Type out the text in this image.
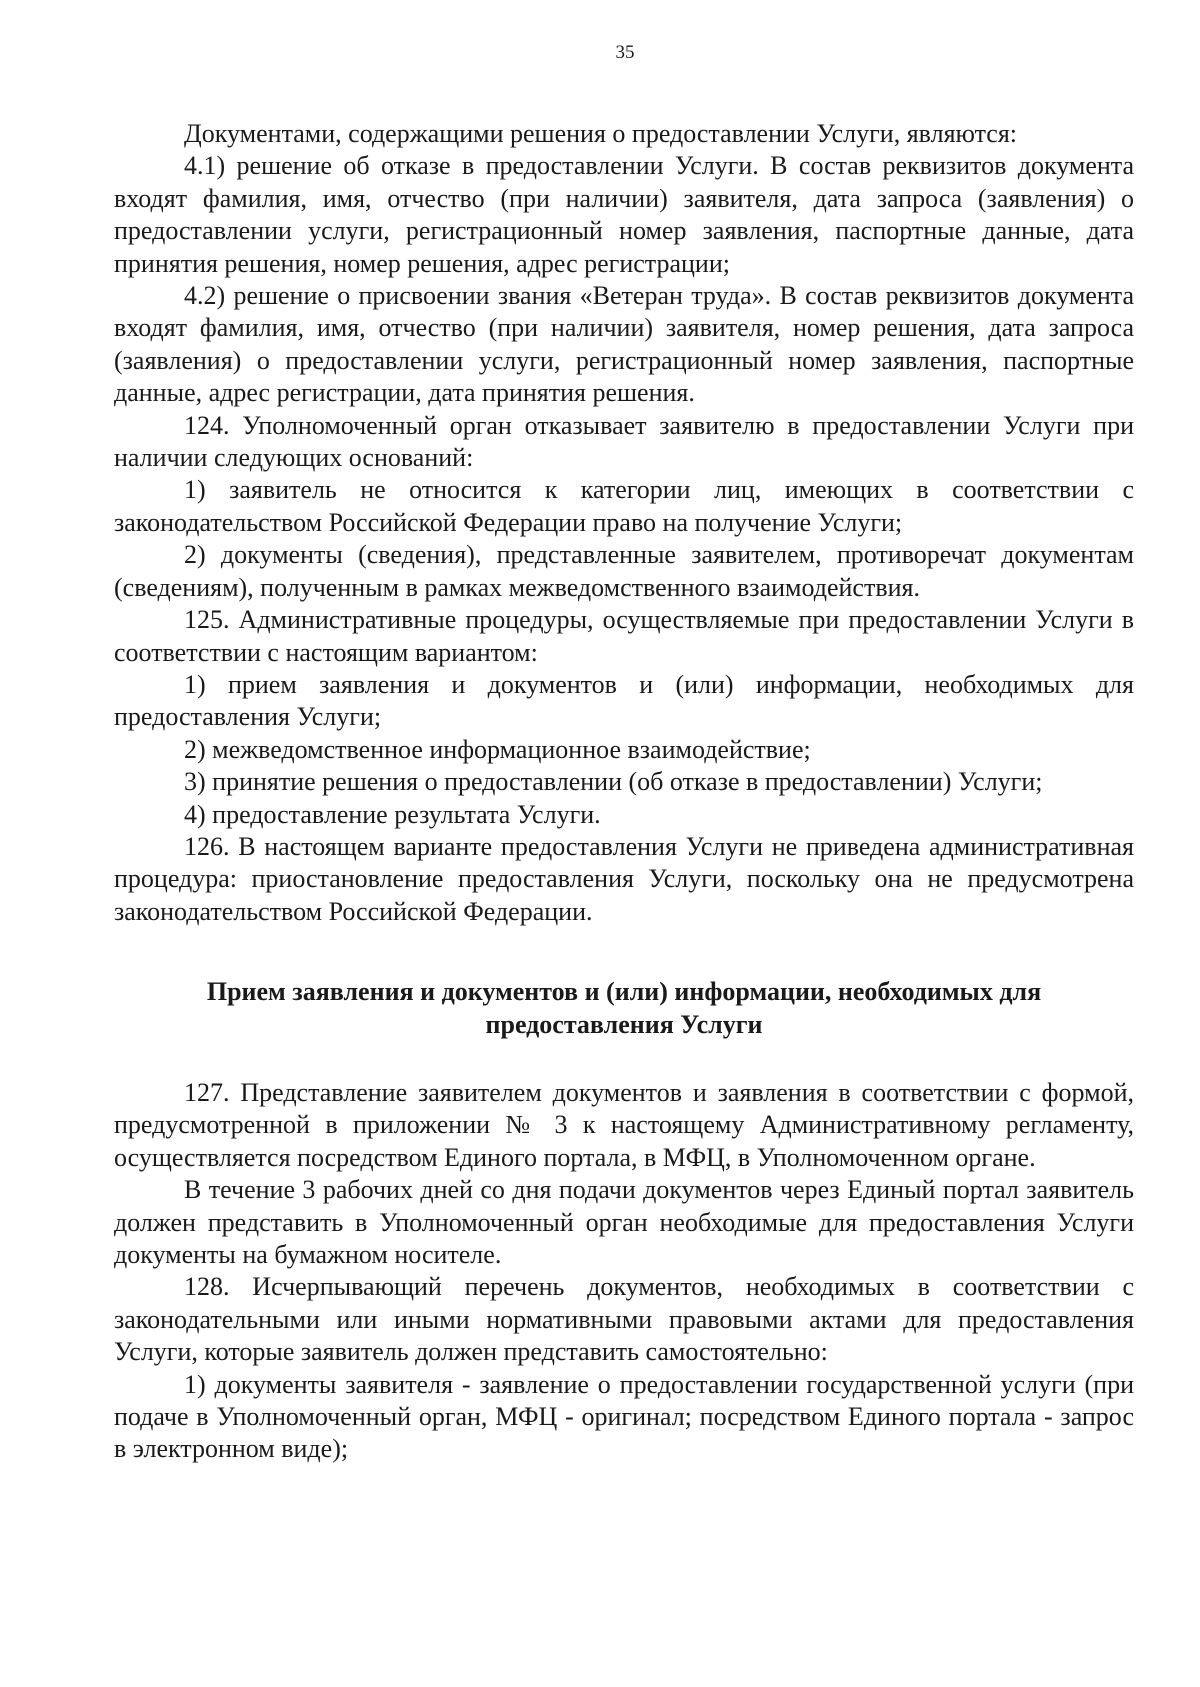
35

Документами, содержащими решения о предоставлении Услуги, являются:

4.1) решение об отказе в предоставлении Услуги. В состав реквизитов документа входят фамилия, имя, отчество (при наличии) заявителя, дата запроса (заявления) о предоставлении услуги, регистрационный номер заявления, паспортные данные, дата принятия решения, номер решения, адрес регистрации;

4.2) решение о присвоении звания «Ветеран труда». В состав реквизитов документа входят фамилия, имя, отчество (при наличии) заявителя, номер решения, дата запроса (заявления) о предоставлении услуги, регистрационный номер заявления, паспортные данные, адрес регистрации, дата принятия решения.

124. Уполномоченный орган отказывает заявителю в предоставлении Услуги при наличии следующих оснований:

1) заявитель не относится к категории лиц, имеющих в соответствии с законодательством Российской Федерации право на получение Услуги;

2) документы (сведения), представленные заявителем, противоречат документам (сведениям), полученным в рамках межведомственного взаимодействия.

125. Административные процедуры, осуществляемые при предоставлении Услуги в соответствии с настоящим вариантом:

1) прием заявления и документов и (или) информации, необходимых для предоставления Услуги;

2) межведомственное информационное взаимодействие;

3) принятие решения о предоставлении (об отказе в предоставлении) Услуги;

4) предоставление результата Услуги.

126. В настоящем варианте предоставления Услуги не приведена административная процедура: приостановление предоставления Услуги, поскольку она не предусмотрена законодательством Российской Федерации.

Прием заявления и документов и (или) информации, необходимых для
предоставления Услуги

127. Представление заявителем документов и заявления в соответствии с формой, предусмотренной в приложении № 3 к настоящему Административному регламенту, осуществляется посредством Единого портала, в МФЦ, в Уполномоченном органе.

В течение 3 рабочих дней со дня подачи документов через Единый портал заявитель должен представить в Уполномоченный орган необходимые для предоставления Услуги документы на бумажном носителе.

128. Исчерпывающий перечень документов, необходимых в соответствии с законодательными или иными нормативными правовыми актами для предоставления Услуги, которые заявитель должен представить самостоятельно:

1) документы заявителя - заявление о предоставлении государственной услуги (при подаче в Уполномоченный орган, МФЦ - оригинал; посредством Единого портала - запрос в электронном виде);
